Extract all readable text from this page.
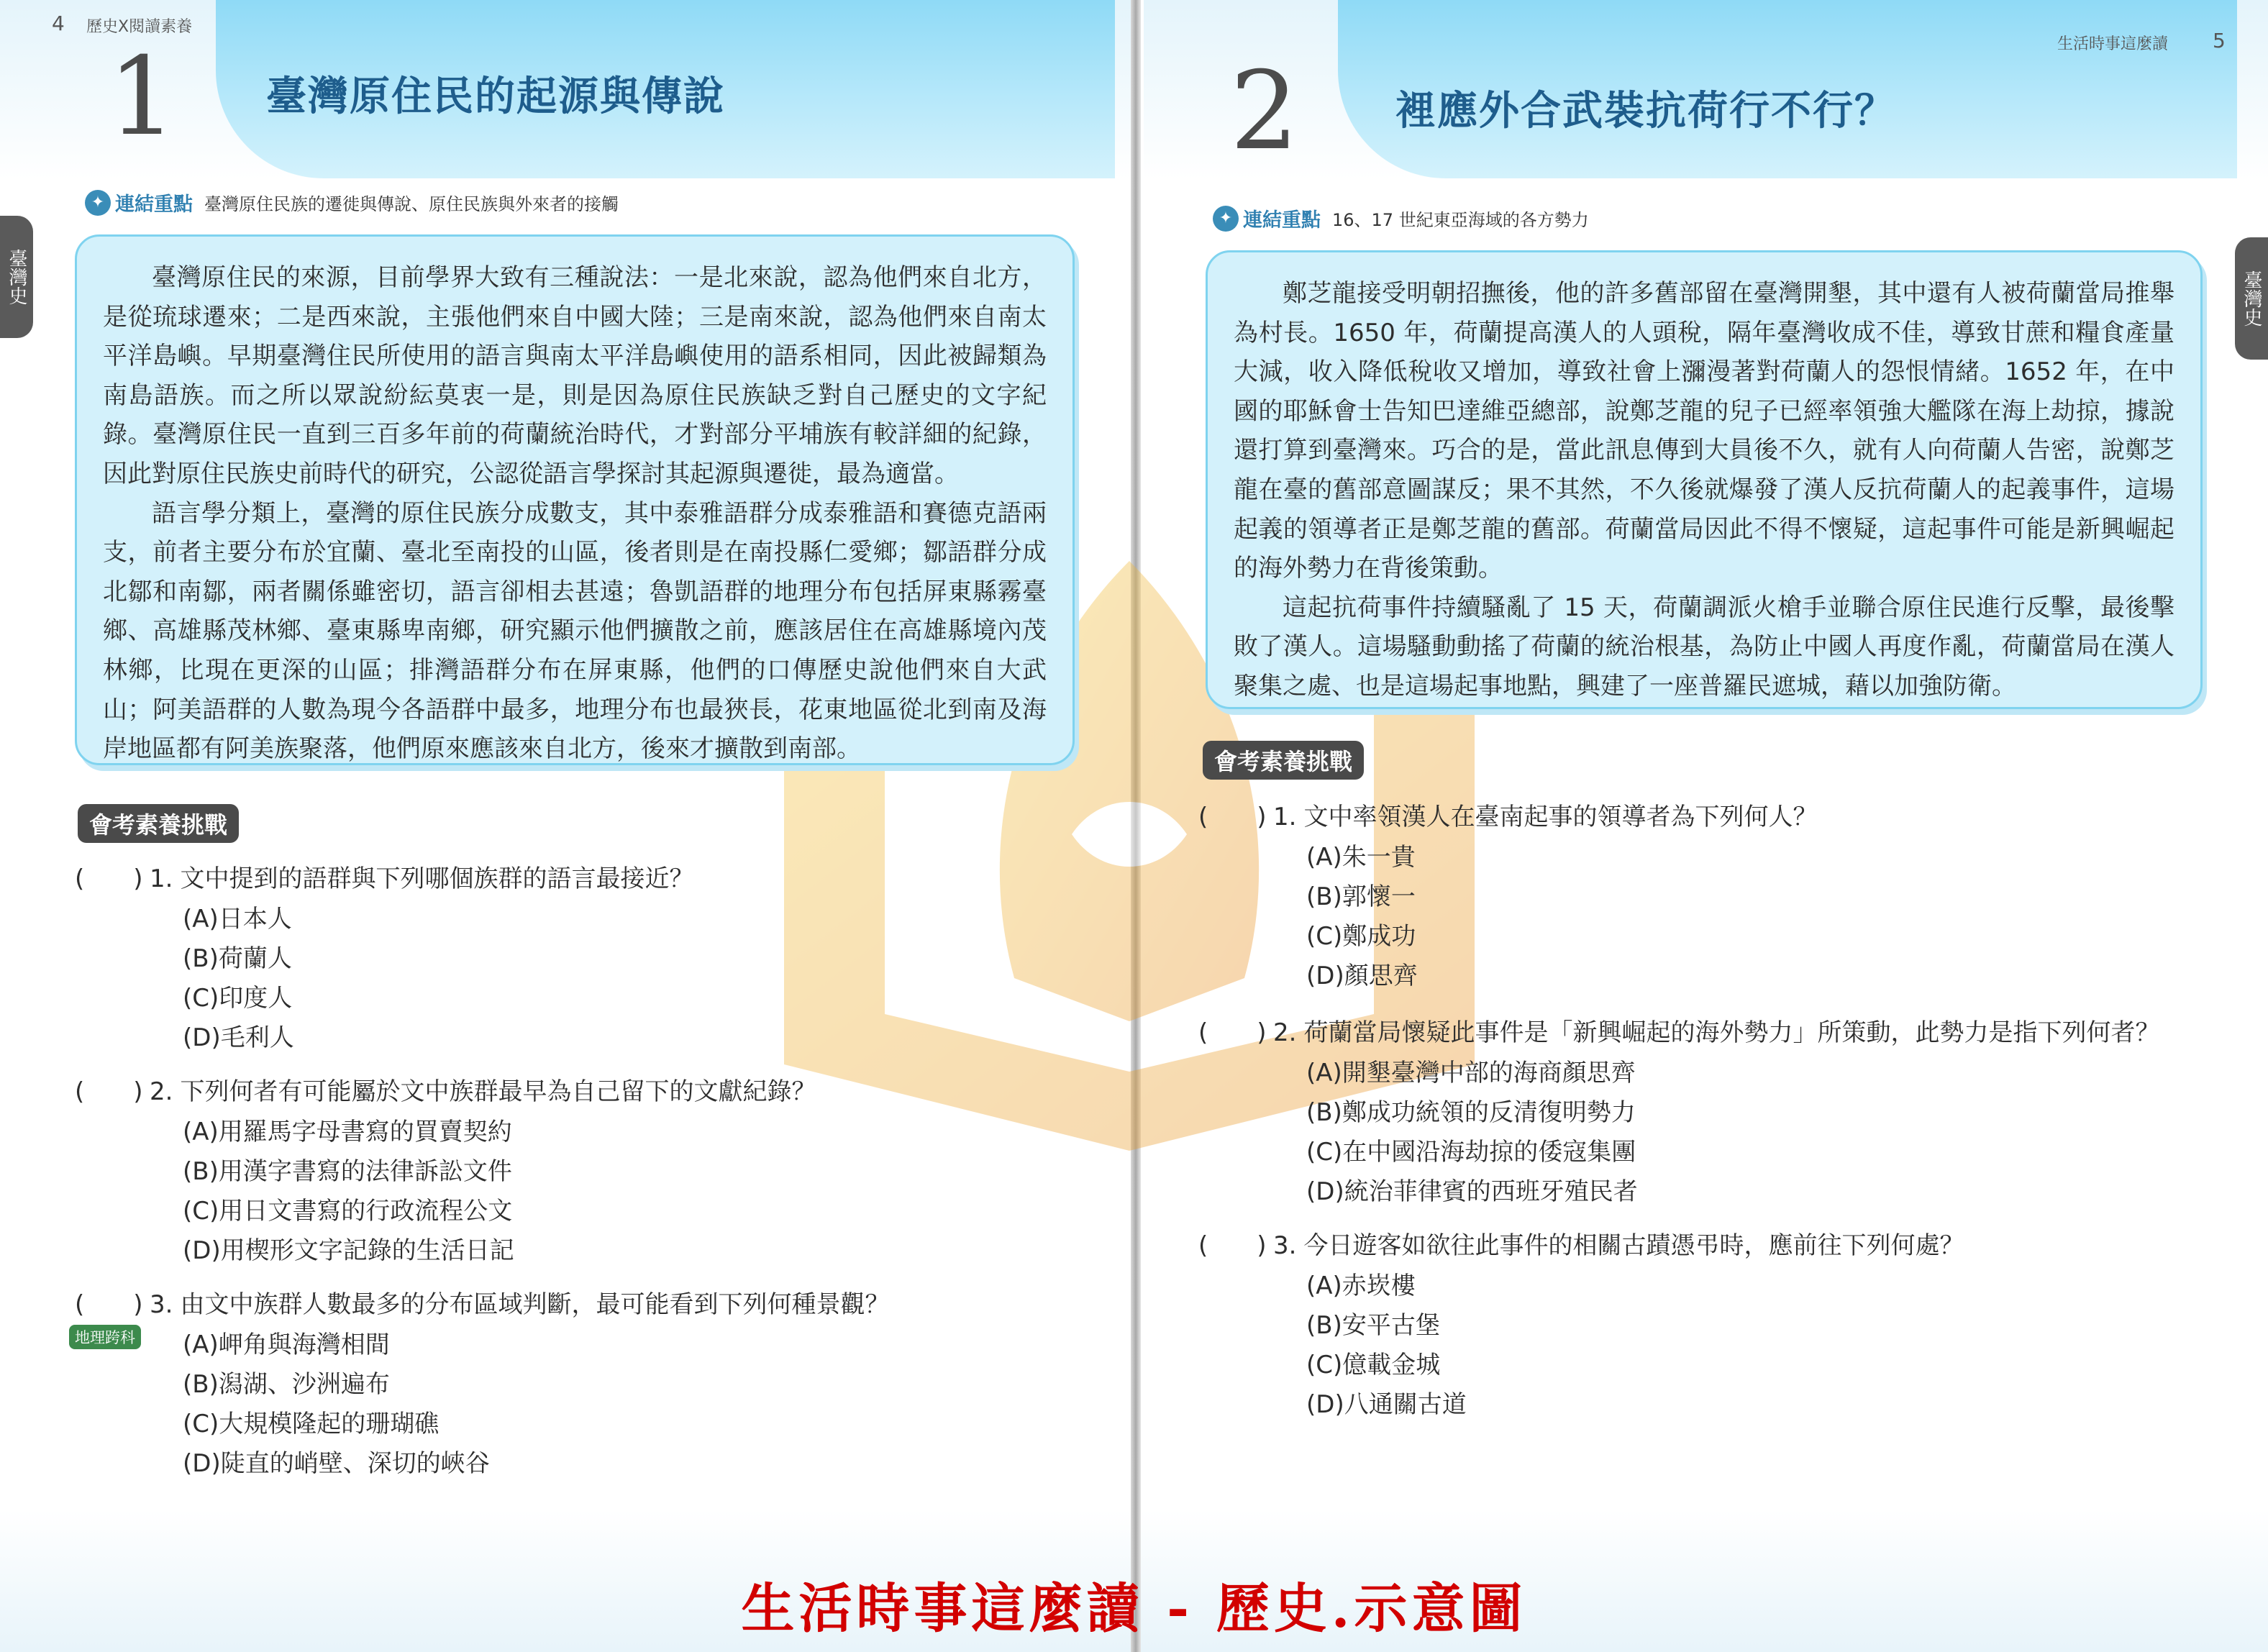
4 歷史X閱讀素養
臺灣史
1 臺灣原住民的起源與傳說
✦ 連結重點 臺灣原住民族的遷徙與傳說、原住民族與外來者的接觸

臺灣原住民的來源，目前學界大致有三種說法：一是北來說，認為他們來自北方，是從琉球遷來；二是西來說，主張他們來自中國大陸；三是南來說，認為他們來自南太平洋島嶼。早期臺灣住民所使用的語言與南太平洋島嶼使用的語系相同，因此被歸類為南島語族。而之所以眾說紛紜莫衷一是，則是因為原住民族缺乏對自己歷史的文字紀錄。臺灣原住民一直到三百多年前的荷蘭統治時代，才對部分平埔族有較詳細的紀錄，因此對原住民族史前時代的研究，公認從語言學探討其起源與遷徙，最為適當。

語言學分類上，臺灣的原住民族分成數支，其中泰雅語群分成泰雅語和賽德克語兩支，前者主要分布於宜蘭、臺北至南投的山區，後者則是在南投縣仁愛鄉；鄒語群分成北鄒和南鄒，兩者關係雖密切，語言卻相去甚遠；魯凱語群的地理分布包括屏東縣霧臺鄉、高雄縣茂林鄉、臺東縣卑南鄉，研究顯示他們擴散之前，應該居住在高雄縣境內茂林鄉，比現在更深的山區；排灣語群分布在屏東縣，他們的口傳歷史說他們來自大武山；阿美語群的人數為現今各語群中最多，地理分布也最狹長，花東地區從北到南及海岸地區都有阿美族聚落，他們原來應該來自北方，後來才擴散到南部。

會考素養挑戰
(　　) 1. 文中提到的語群與下列哪個族群的語言最接近？
(A)日本人
(B)荷蘭人
(C)印度人
(D)毛利人
(　　) 2. 下列何者有可能屬於文中族群最早為自己留下的文獻紀錄？
(A)用羅馬字母書寫的買賣契約
(B)用漢字書寫的法律訴訟文件
(C)用日文書寫的行政流程公文
(D)用楔形文字記錄的生活日記
(　　) 3. 由文中族群人數最多的分布區域判斷，最可能看到下列何種景觀？
(A)岬角與海灣相間
(B)潟湖、沙洲遍布
(C)大規模隆起的珊瑚礁
(D)陡直的峭壁、深切的峽谷
地理跨科
生活時事這麼讀 5
臺灣史
2 裡應外合武裝抗荷行不行？
✦ 連結重點 16、17 世紀東亞海域的各方勢力

鄭芝龍接受明朝招撫後，他的許多舊部留在臺灣開墾，其中還有人被荷蘭當局推舉為村長。1650 年，荷蘭提高漢人的人頭稅，隔年臺灣收成不佳，導致甘蔗和糧食產量大減，收入降低稅收又增加，導致社會上瀰漫著對荷蘭人的怨恨情緒。1652 年，在中國的耶穌會士告知巴達維亞總部，說鄭芝龍的兒子已經率領強大艦隊在海上劫掠，據說還打算到臺灣來。巧合的是，當此訊息傳到大員後不久，就有人向荷蘭人告密，說鄭芝龍在臺的舊部意圖謀反；果不其然，不久後就爆發了漢人反抗荷蘭人的起義事件，這場起義的領導者正是鄭芝龍的舊部。荷蘭當局因此不得不懷疑，這起事件可能是新興崛起的海外勢力在背後策動。

這起抗荷事件持續騷亂了 15 天，荷蘭調派火槍手並聯合原住民進行反擊，最後擊敗了漢人。這場騷動動搖了荷蘭的統治根基，為防止中國人再度作亂，荷蘭當局在漢人聚集之處、也是這場起事地點，興建了一座普羅民遮城，藉以加強防衛。

會考素養挑戰
(　　) 1. 文中率領漢人在臺南起事的領導者為下列何人？
(A)朱一貴
(B)郭懷一
(C)鄭成功
(D)顏思齊
(　　) 2. 荷蘭當局懷疑此事件是「新興崛起的海外勢力」所策動，此勢力是指下列何者？
(A)開墾臺灣中部的海商顏思齊
(B)鄭成功統領的反清復明勢力
(C)在中國沿海劫掠的倭寇集團
(D)統治菲律賓的西班牙殖民者
(　　) 3. 今日遊客如欲往此事件的相關古蹟憑弔時，應前往下列何處？
(A)赤崁樓
(B)安平古堡
(C)億載金城
(D)八通關古道
生活時事這麼讀 - 歷史.示意圖
